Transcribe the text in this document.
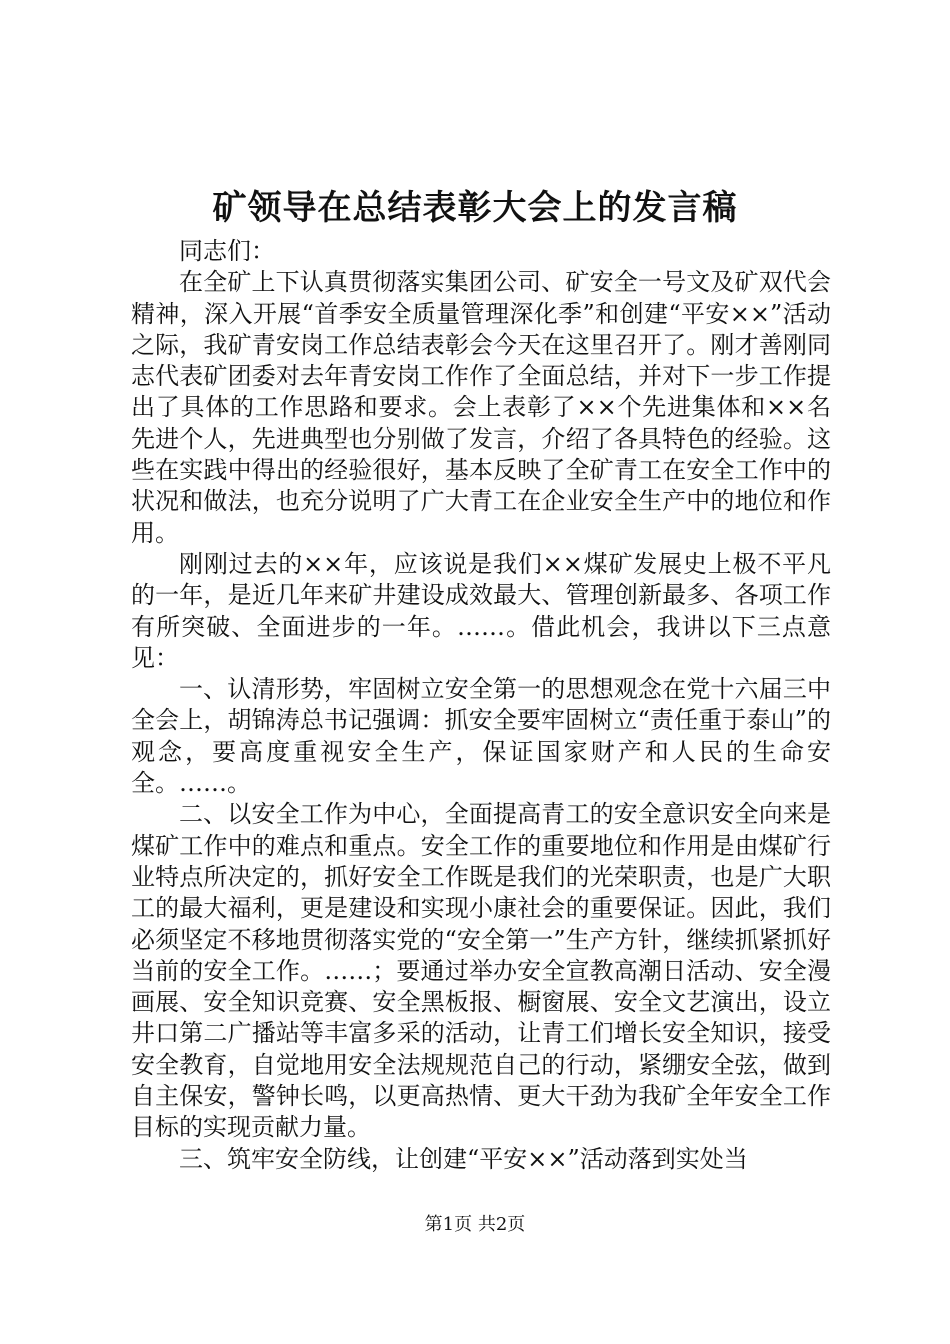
矿领导在总结表彰大会上的发言稿

同志们：

在全矿上下认真贯彻落实集团公司、矿安全一号文及矿双代会精神，深入开展“首季安全质量管理深化季”和创建“平安××”活动之际，我矿青安岗工作总结表彰会今天在这里召开了。刚才善刚同志代表矿团委对去年青安岗工作作了全面总结，并对下一步工作提出了具体的工作思路和要求。会上表彰了××个先进集体和××名先进个人，先进典型也分别做了发言，介绍了各具特色的经验。这些在实践中得出的经验很好，基本反映了全矿青工在安全工作中的状况和做法，也充分说明了广大青工在企业安全生产中的地位和作用。

刚刚过去的××年，应该说是我们××煤矿发展史上极不平凡的一年，是近几年来矿井建设成效最大、管理创新最多、各项工作有所突破、全面进步的一年。……。借此机会，我讲以下三点意见：

一、认清形势，牢固树立安全第一的思想观念在党十六届三中全会上，胡锦涛总书记强调：抓安全要牢固树立“责任重于泰山”的观念，要高度重视安全生产，保证国家财产和人民的生命安全。……。

二、以安全工作为中心，全面提高青工的安全意识安全向来是煤矿工作中的难点和重点。安全工作的重要地位和作用是由煤矿行业特点所决定的，抓好安全工作既是我们的光荣职责，也是广大职工的最大福利，更是建设和实现小康社会的重要保证。因此，我们必须坚定不移地贯彻落实党的“安全第一”生产方针，继续抓紧抓好当前的安全工作。……；要通过举办安全宣教高潮日活动、安全漫画展、安全知识竞赛、安全黑板报、橱窗展、安全文艺演出，设立井口第二广播站等丰富多采的活动，让青工们增长安全知识，接受安全教育，自觉地用安全法规规范自己的行动，紧绷安全弦，做到自主保安，警钟长鸣，以更高热情、更大干劲为我矿全年安全工作目标的实现贡献力量。

三、筑牢安全防线，让创建“平安××”活动落到实处当

第1页 共2页
